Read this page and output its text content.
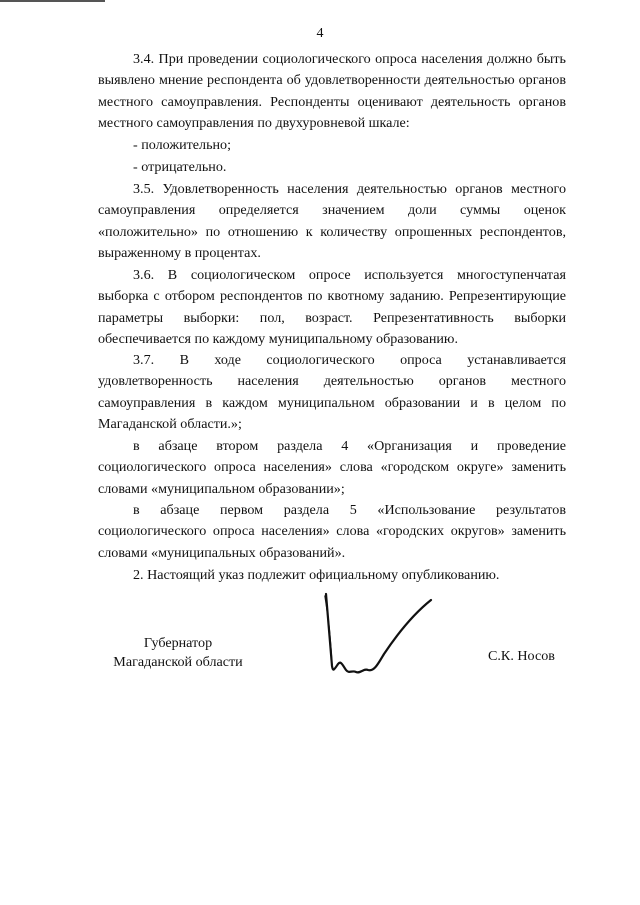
4

3.4. При проведении социологического опроса населения должно быть выявлено мнение респондента об удовлетворенности деятельностью органов местного самоуправления. Респонденты оценивают деятельность органов местного самоуправления по двухуровневой шкале:

- положительно;

- отрицательно.

3.5. Удовлетворенность населения деятельностью органов местного самоуправления определяется значением доли суммы оценок «положительно» по отношению к количеству опрошенных респондентов, выраженному в процентах.

3.6. В социологическом опросе используется многоступенчатая выборка с отбором респондентов по квотному заданию. Репрезентирующие параметры выборки: пол, возраст. Репрезентативность выборки обеспечивается по каждому муниципальному образованию.

3.7. В ходе социологического опроса устанавливается удовлетворенность населения деятельностью органов местного самоуправления в каждом муниципальном образовании и в целом по Магаданской области.»;

в абзаце втором раздела 4 «Организация и проведение социологического опроса населения» слова «городском округе» заменить словами «муниципальном образовании»;

в абзаце первом раздела 5 «Использование результатов социологического опроса населения» слова «городских округов» заменить словами «муниципальных образований».

2. Настоящий указ подлежит официальному опубликованию.

Губернатор
Магаданской области	С.К. Носов
